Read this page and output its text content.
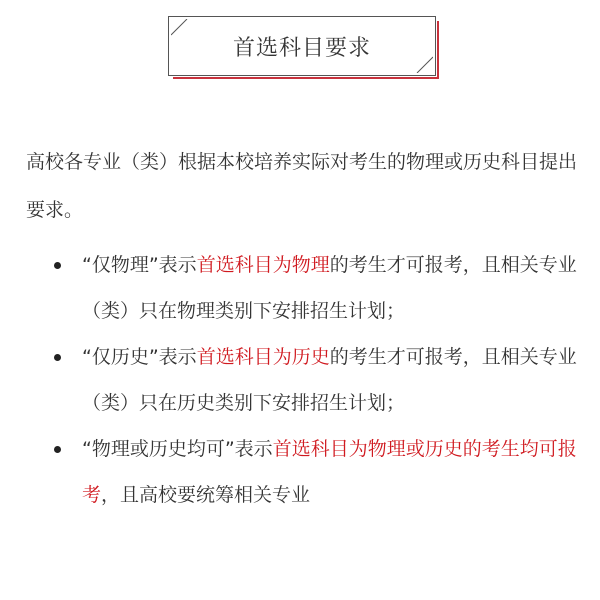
首选科目要求

高校各专业（类）根据本校培养实际对考生的物理或历史科目提出要求。

“仅物理”表示首选科目为物理的考生才可报考，且相关专业（类）只在物理类别下安排招生计划；
“仅历史”表示首选科目为历史的考生才可报考，且相关专业（类）只在历史类别下安排招生计划；
“物理或历史均可”表示首选科目为物理或历史的考生均可报考，且高校要统筹相关专业
